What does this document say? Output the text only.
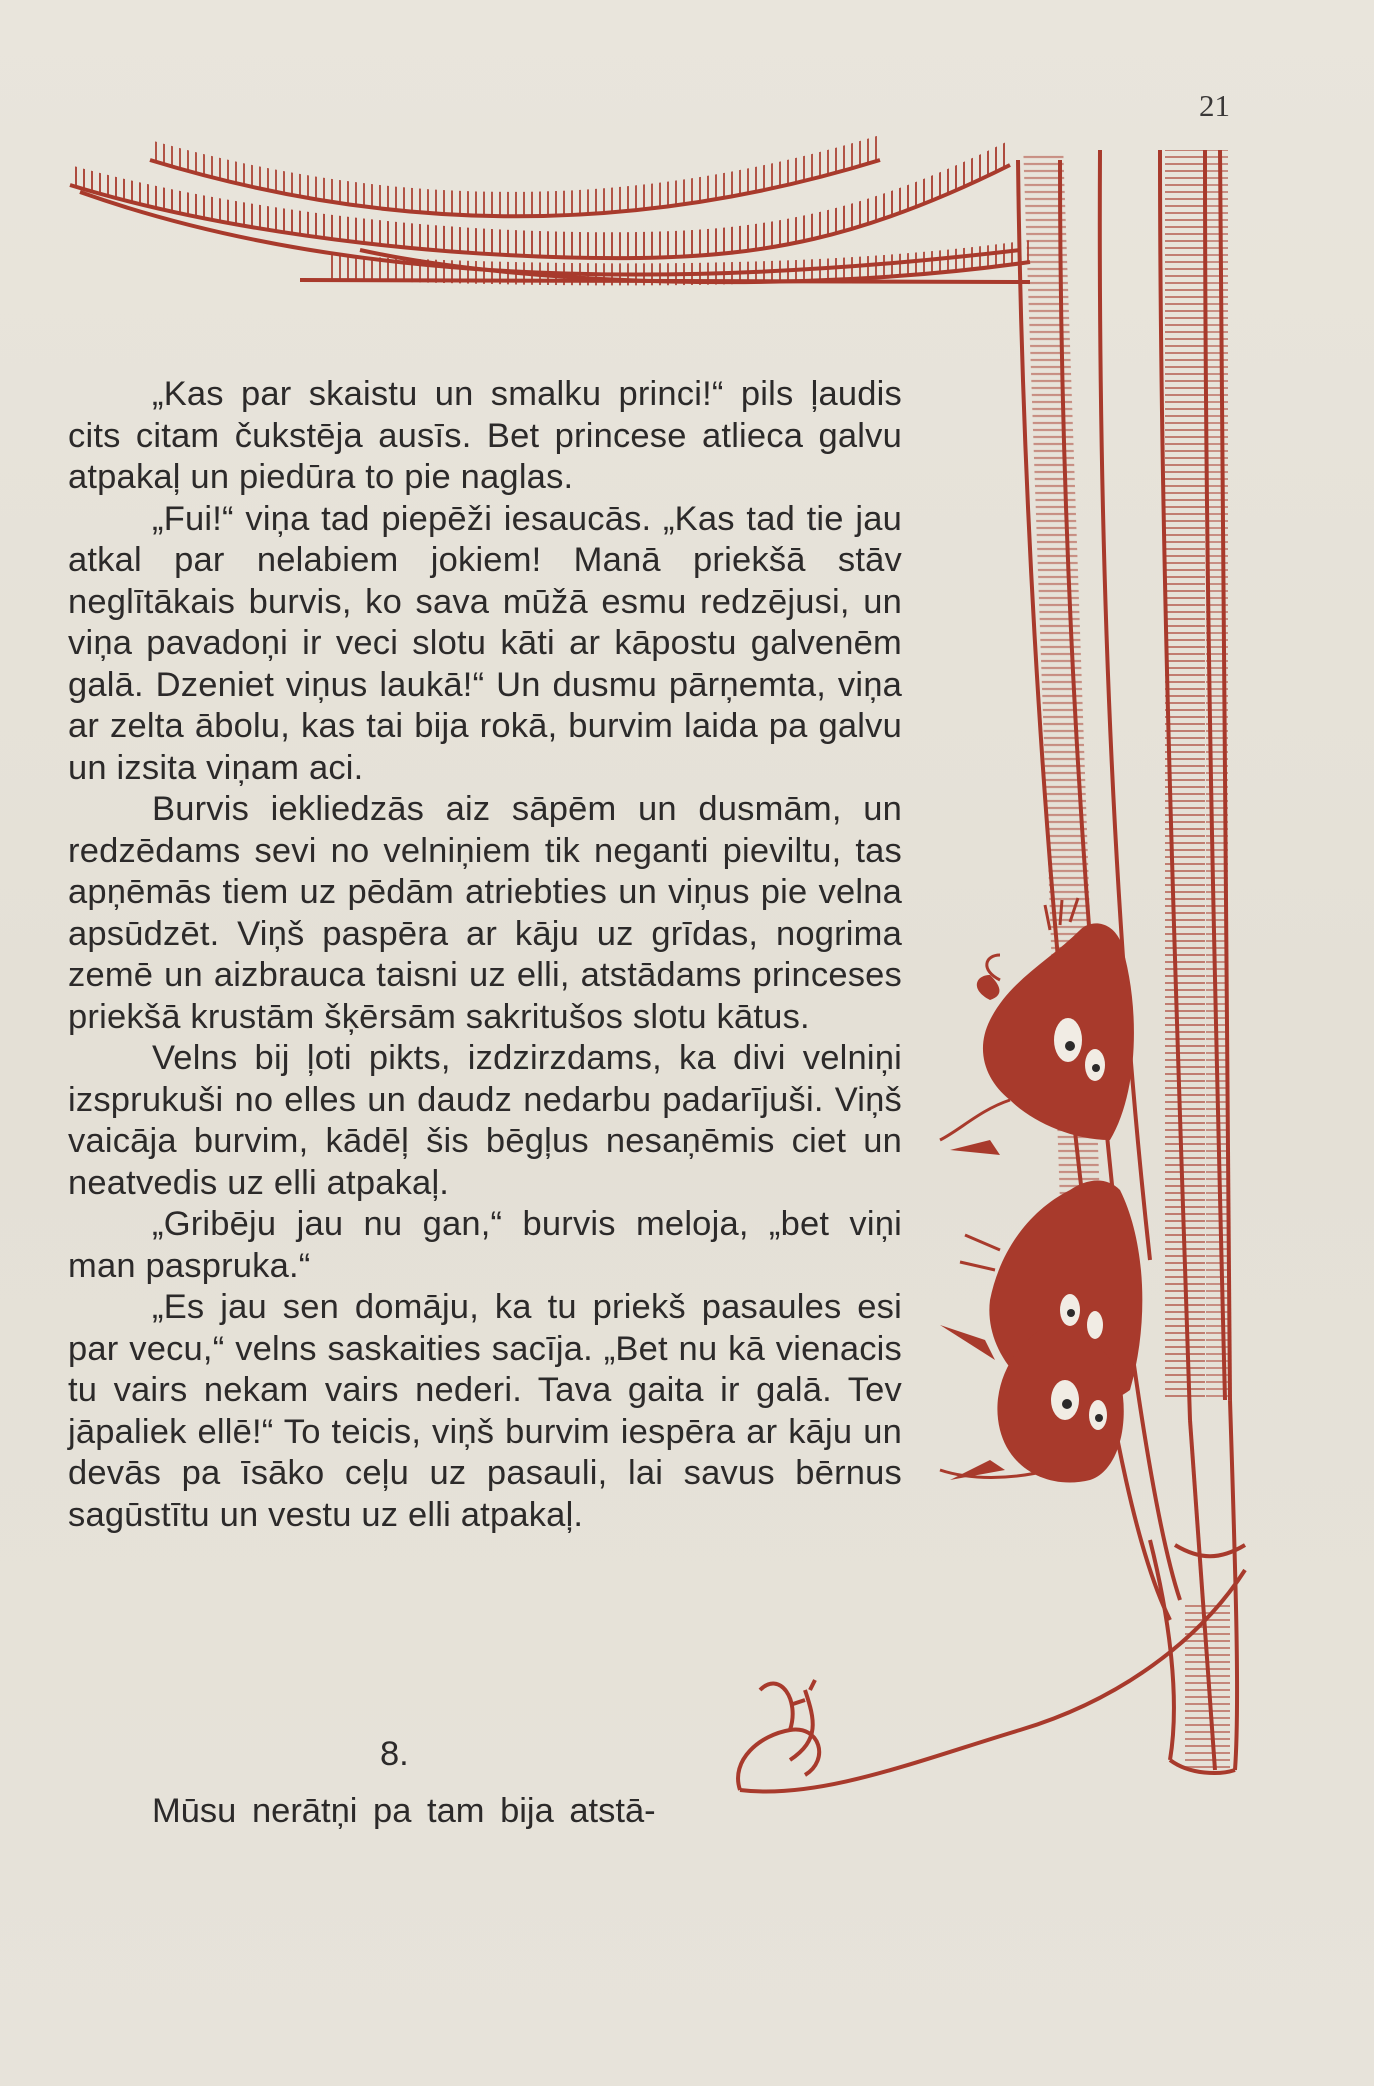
21

„Kas par skaistu un smalku princi!“ pils ļaudis cits citam čukstēja ausīs. Bet princese atlieca galvu atpakaļ un piedūra to pie naglas.

„Fui!“ viņa tad piepēži iesaucās. „Kas tad tie jau atkal par nelabiem jokiem! Manā priekšā stāv neglītākais burvis, ko sava mūžā esmu redzējusi, un viņa pavadoņi ir veci slotu kāti ar kāpostu galvenēm galā. Dzeniet viņus laukā!“ Un dusmu pārņemta, viņa ar zelta ābolu, kas tai bija rokā, burvim laida pa galvu un izsita viņam aci.

Burvis iekliedzās aiz sāpēm un dusmām, un redzēdams sevi no velniņiem tik neganti pieviltu, tas apņēmās tiem uz pēdām atriebties un viņus pie velna apsūdzēt. Viņš paspēra ar kāju uz grīdas, nogrima zemē un aizbrauca taisni uz elli, atstādams princeses priekšā krustām šķērsām sakritušos slotu kātus.

Velns bij ļoti pikts, izdzirzdams, ka divi velniņi izsprukuši no elles un daudz nedarbu padarījuši. Viņš vaicāja burvim, kādēļ šis bēgļus nesaņēmis ciet un neatvedis uz elli atpakaļ.

„Gribēju jau nu gan,“ burvis meloja, „bet viņi man paspruka.“

„Es jau sen domāju, ka tu priekš pasaules esi par vecu,“ velns saskaities sacīja. „Bet nu kā vienacis tu vairs nekam vairs nederi. Tava gaita ir galā. Tev jāpaliek ellē!“ To teicis, viņš burvim iespēra ar kāju un devās pa īsāko ceļu uz pasauli, lai savus bērnus sagūstītu un vestu uz elli atpakaļ.

8.
Mūsu nerātņi pa tam bija atstā-
